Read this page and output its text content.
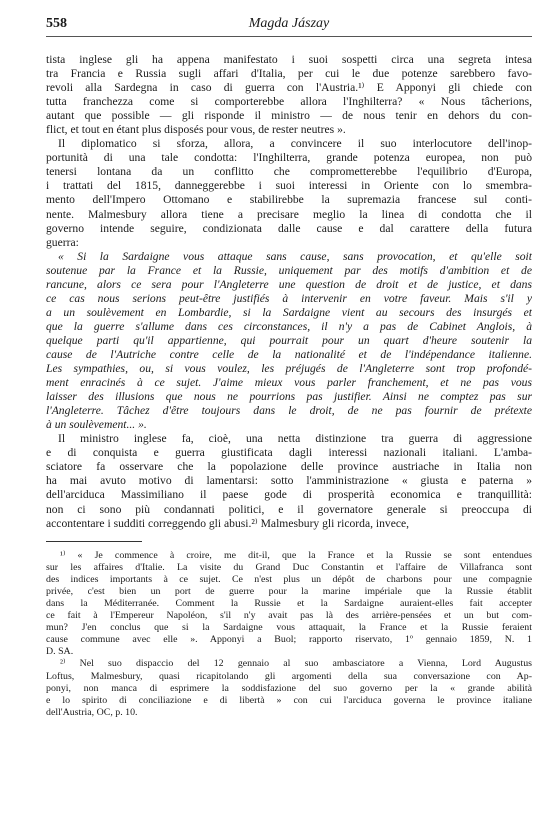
558	Magda Jászay
tista inglese gli ha appena manifestato i suoi sospetti circa una segreta intesa
tra Francia e Russia sugli affari d'Italia, per cui le due potenze sarebbero favo-
revoli alla Sardegna in caso di guerra con l'Austria.¹⁾ E Apponyi gli chiede con
tutta franchezza come si comporterebbe allora l'Inghilterra? « Nous tâcherions,
autant que possible — gli risponde il ministro — de nous tenir en dehors du con-
flict, et tout en étant plus disposés pour vous, de rester neutres ».
Il diplomatico si sforza, allora, a convincere il suo interlocutore dell'inop-
portunità di una tale condotta: l'Inghilterra, grande potenza europea, non può
tenersi lontana da un conflitto che comprometterebbe l'equilibrio d'Europa,
i trattati del 1815, danneggerebbe i suoi interessi in Oriente con lo smembra-
mento dell'Impero Ottomano e stabilirebbe la supremazia francese sul conti-
nente. Malmesbury allora tiene a precisare meglio la linea di condotta che il
governo intende seguire, condizionata dalle cause e dal carattere della futura
guerra:
« Si la Sardaigne vous attaque sans cause, sans provocation, et qu'elle soit
soutenue par la France et la Russie, uniquement par des motifs d'ambition et de
rancune, alors ce sera pour l'Angleterre une question de droit et de justice, et dans
ce cas nous serions peut-être justifiés à intervenir en votre faveur. Mais s'il y
a un soulèvement en Lombardie, si la Sardaigne vient au secours des insurgés et
que la guerre s'allume dans ces circonstances, il n'y a pas de Cabinet Anglois, à
quelque parti qu'il appartienne, qui pourrait pour un quart d'heure soutenir la
cause de l'Autriche contre celle de la nationalité et de l'indépendance italienne.
Les sympathies, ou, si vous voulez, les préjugés de l'Angleterre sont trop profondé-
ment enracinés à ce sujet. J'aime mieux vous parler franchement, et ne pas vous
laisser des illusions que nous ne pourrions pas justifier. Ainsi ne comptez pas sur
l'Angleterre. Tâchez d'être toujours dans le droit, de ne pas fournir de prétexte
à un soulèvement... ».
Il ministro inglese fa, cioè, una netta distinzione tra guerra di aggressione
e di conquista e guerra giustificata dagli interessi nazionali italiani. L'amba-
sciatore fa osservare che la popolazione delle province austriache in Italia non
ha mai avuto motivo di lamentarsi: sotto l'amministrazione « giusta e paterna »
dell'arciduca Massimiliano il paese gode di prosperità economica e tranquillità:
non ci sono più condannati politici, e il governatore generale si preoccupa di
accontentare i sudditi correggendo gli abusi.²⁾ Malmesbury gli ricorda, invece,
¹⁾ « Je commence à croire, me dit-il, que la France et la Russie se sont entendues
sur les affaires d'Italie. La visite du Grand Duc Constantin et l'affaire de Villafranca sont
des indices importants à ce sujet. Ce n'est plus un dépôt de charbons pour une compagnie
privée, c'est bien un port de guerre pour la marine impériale que la Russie établit
dans la Méditerranée. Comment la Russie et la Sardaigne auraient-elles fait accepter
ce fait à l'Empereur Napoléon, s'il n'y avait pas là des arrière-pensées et un but com-
mun? J'en conclus que si la Sardaigne vous attaquait, la France et la Russie feraient
cause commune avec elle ». Apponyi a Buol; rapporto riservato, 1º gennaio 1859, N. 1
D. SA.
²⁾ Nel suo dispaccio del 12 gennaio al suo ambasciatore a Vienna, Lord Augustus
Loftus, Malmesbury, quasi ricapitolando gli argomenti della sua conversazione con Ap-
ponyi, non manca di esprimere la soddisfazione del suo governo per la « grande abilità
e lo spirito di conciliazione e di libertà » con cui l'arciduca governa le province italiane
dell'Austria, OC, p. 10.
